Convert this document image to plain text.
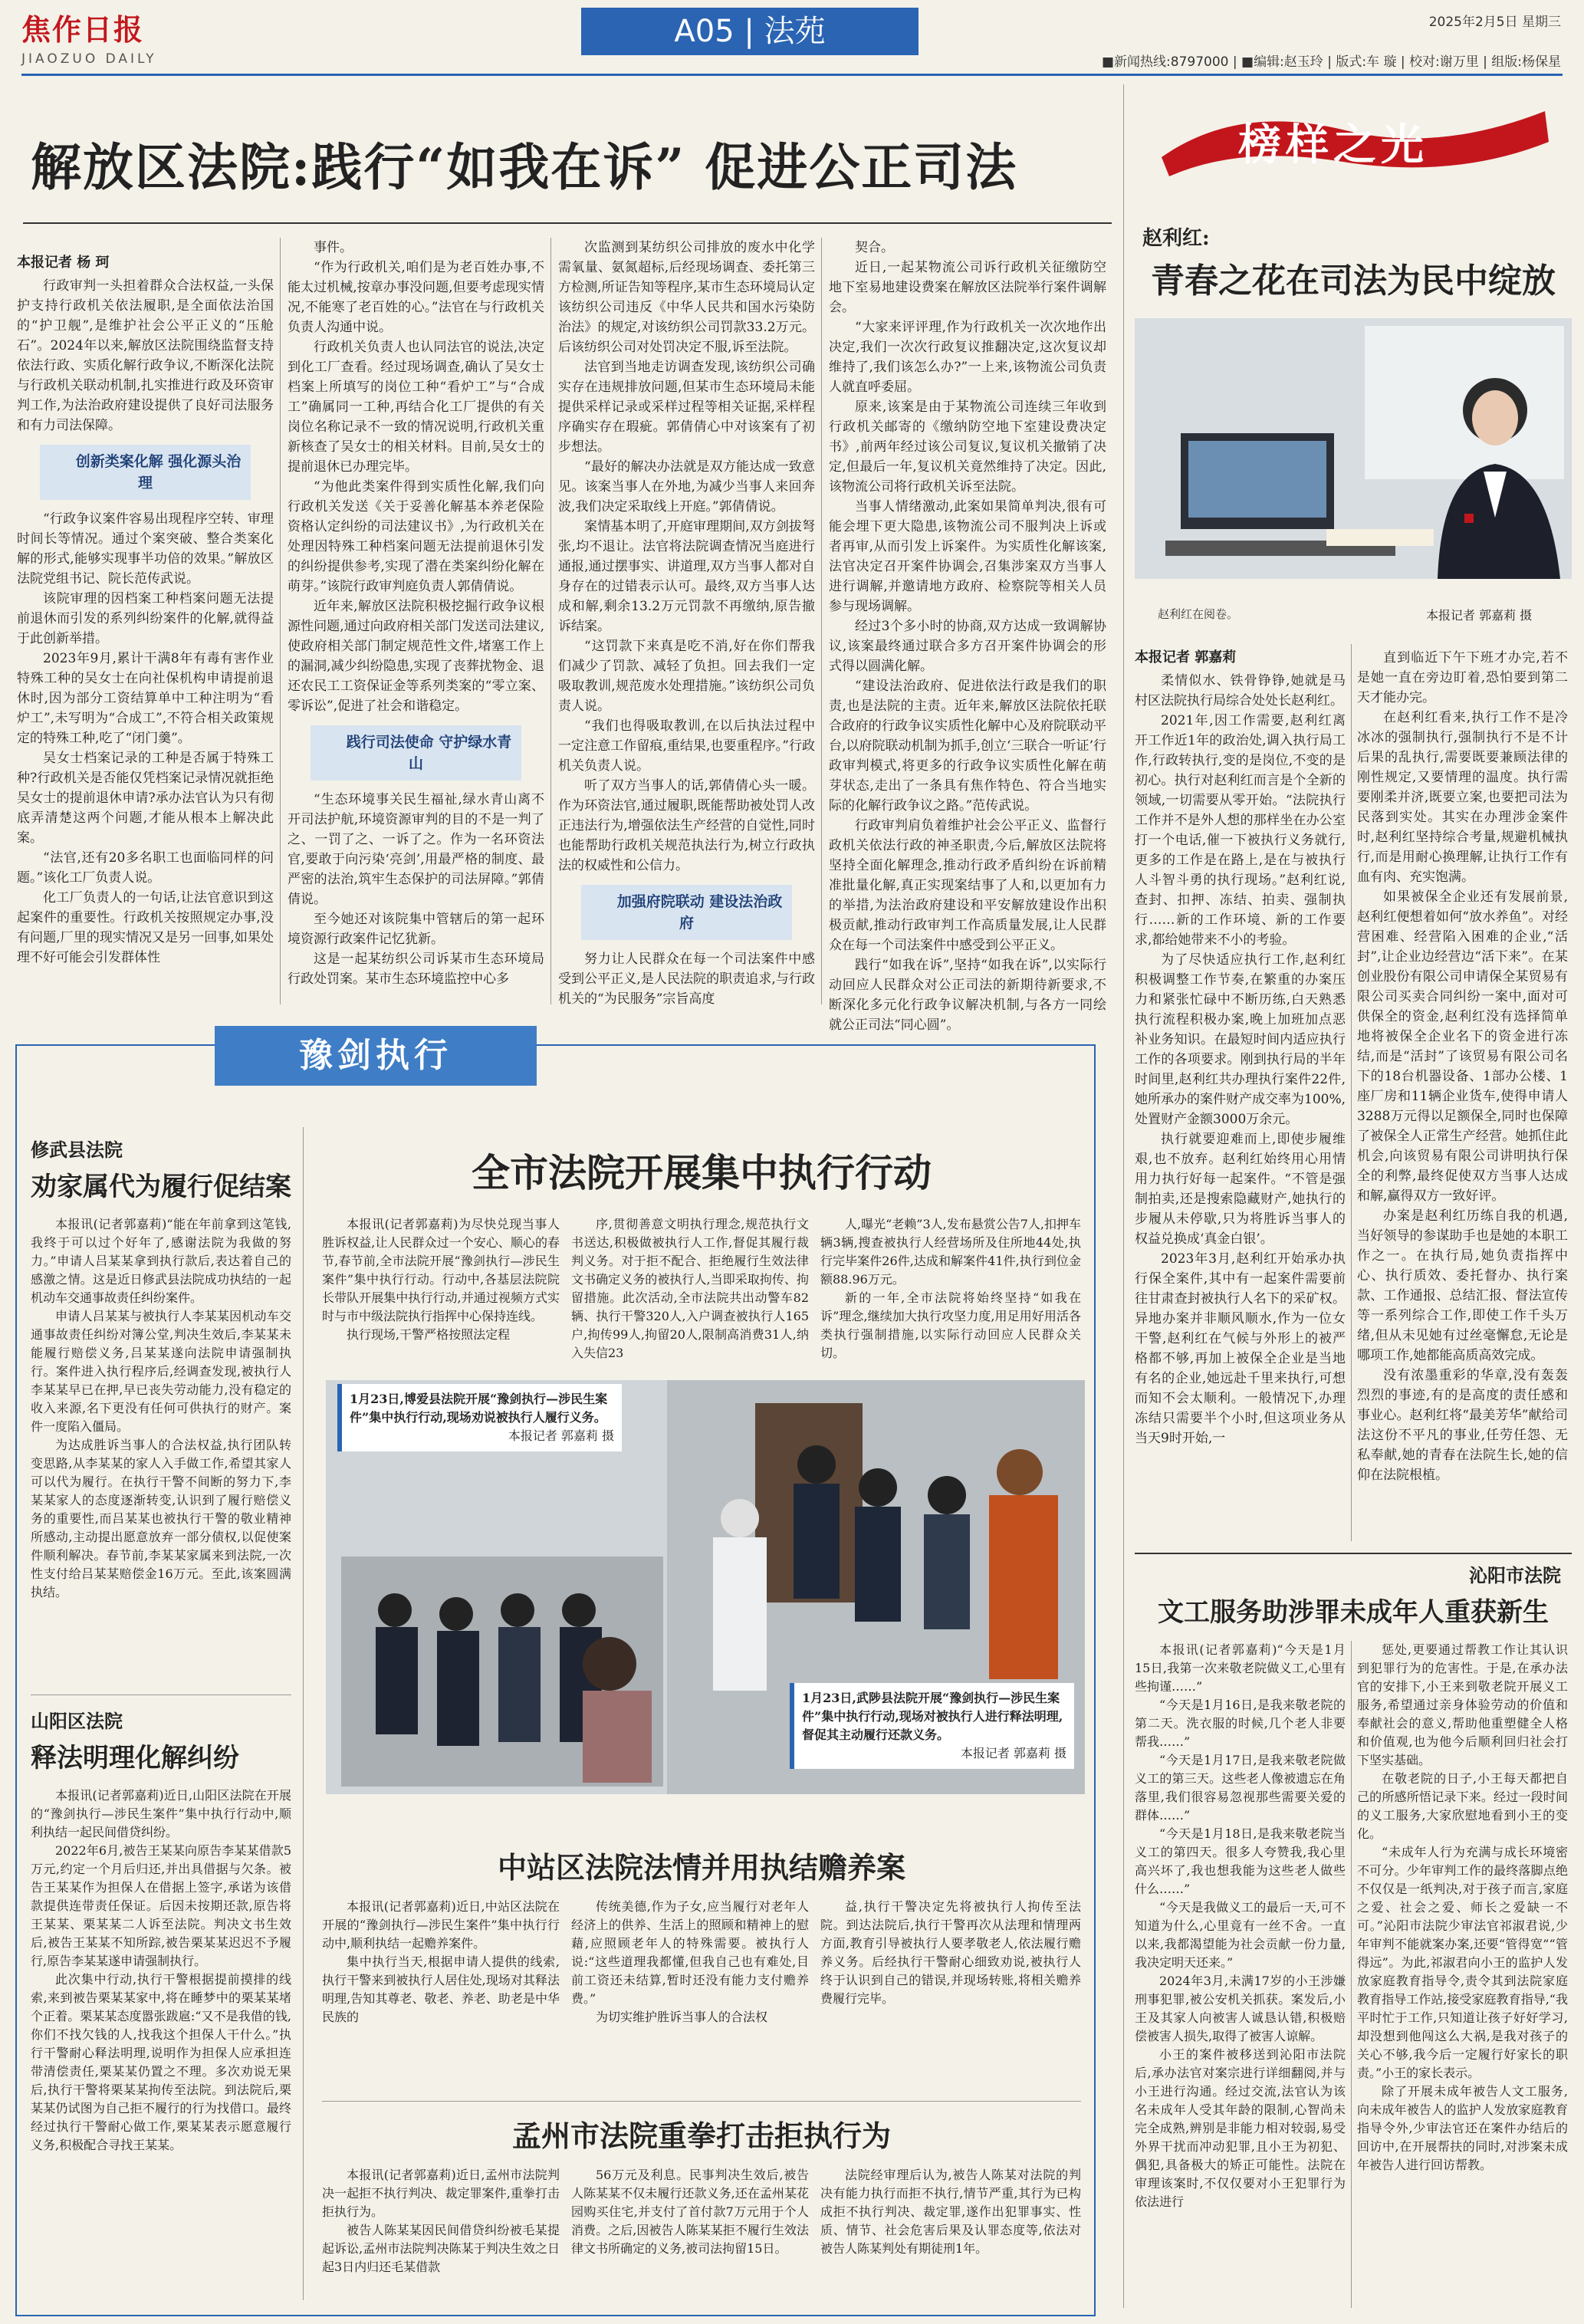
焦作日报
JIAOZUO DAILY
A05 | 法苑	2025年2月5日 星期三
■新闻热线:8797000 | ■编辑:赵玉玲 | 版式:车 璇 | 校对:谢万里 | 组版:杨保星
解放区法院:践行“如我在诉” 促进公正司法
本报记者 杨 珂

行政审判一头担着群众合法权益,一头保护支持行政机关依法履职,是全面依法治国的“护卫舰”,是维护社会公平正义的“压舱石”。2024年以来,解放区法院围绕监督支持依法行政、实质化解行政争议,不断深化法院与行政机关联动机制,扎实推进行政及环资审判工作,为法治政府建设提供了良好司法服务和有力司法保障。

创新类案化解 强化源头治理

“行政争议案件容易出现程序空转、审理时间长等情况。通过个案突破、整合类案化解的形式,能够实现事半功倍的效果。”解放区法院党组书记、院长范传武说。

该院审理的因档案工种档案问题无法提前退休而引发的系列纠纷案件的化解,就得益于此创新举措。

2023年9月,累计干满8年有毒有害作业特殊工种的吴女士在向社保机构申请提前退休时,因为部分工资结算单中工种注明为“看炉工”,未写明为“合成工”,不符合相关政策规定的特殊工种,吃了“闭门羹”。

吴女士档案记录的工种是否属于特殊工种?行政机关是否能仅凭档案记录情况就拒绝吴女士的提前退休申请?承办法官认为只有彻底弄清楚这两个问题,才能从根本上解决此案。

“法官,还有20多名职工也面临同样的问题。”该化工厂负责人说。

化工厂负责人的一句话,让法官意识到这起案件的重要性。行政机关按照规定办事,没有问题,厂里的现实情况又是另一回事,如果处理不好可能会引发群体性

事件。

“作为行政机关,咱们是为老百姓办事,不能太过机械,按章办事没问题,但要考虑现实情况,不能寒了老百姓的心。”法官在与行政机关负责人沟通中说。

行政机关负责人也认同法官的说法,决定到化工厂查看。经过现场调查,确认了吴女士档案上所填写的岗位工种“看炉工”与“合成工”确属同一工种,再结合化工厂提供的有关岗位名称记录不一致的情况说明,行政机关重新核查了吴女士的相关材料。目前,吴女士的提前退休已办理完毕。

“为他此类案件得到实质性化解,我们向行政机关发送《关于妥善化解基本养老保险资格认定纠纷的司法建议书》,为行政机关在处理因特殊工种档案问题无法提前退休引发的纠纷提供参考,实现了潜在类案纠纷化解在萌芽。”该院行政审判庭负责人郭倩倩说。

近年来,解放区法院积极挖掘行政争议根源性问题,通过向政府相关部门发送司法建议,使政府相关部门制定规范性文件,堵塞工作上的漏洞,减少纠纷隐患,实现了丧葬扰物金、退还农民工工资保证金等系列类案的“零立案、零诉讼”,促进了社会和谐稳定。

践行司法使命 守护绿水青山

“生态环境事关民生福祉,绿水青山离不开司法护航,环境资源审判的目的不是一判了之、一罚了之、一诉了之。作为一名环资法官,要敢于向污染‘亮剑’,用最严格的制度、最严密的法治,筑牢生态保护的司法屏障。”郭倩倩说。

至今她还对该院集中管辖后的第一起环境资源行政案件记忆犹新。

这是一起某纺织公司诉某市生态环境局行政处罚案。某市生态环境监控中心多

次监测到某纺织公司排放的废水中化学需氧量、氨氮超标,后经现场调查、委托第三方检测,所证告知等程序,某市生态环境局认定该纺织公司违反《中华人民共和国水污染防治法》的规定,对该纺织公司罚款33.2万元。后该纺织公司对处罚决定不服,诉至法院。

法官到当地走访调查发现,该纺织公司确实存在违规排放问题,但某市生态环境局未能提供采样记录或采样过程等相关证据,采样程序确实存在瑕疵。郭倩倩心中对该案有了初步想法。

“最好的解决办法就是双方能达成一致意见。该案当事人在外地,为减少当事人来回奔波,我们决定采取线上开庭。”郭倩倩说。

案情基本明了,开庭审理期间,双方剑拔弩张,均不退让。法官将法院调查情况当庭进行通报,通过摆事实、讲道理,双方当事人都对自身存在的过错表示认可。最终,双方当事人达成和解,剩余13.2万元罚款不再缴纳,原告撤诉结案。

“这罚款下来真是吃不消,好在你们帮我们减少了罚款、减轻了负担。回去我们一定吸取教训,规范废水处理措施。”该纺织公司负责人说。

“我们也得吸取教训,在以后执法过程中一定注意工作留痕,重结果,也要重程序。”行政机关负责人说。

听了双方当事人的话,郭倩倩心头一暖。作为环资法官,通过履职,既能帮助被处罚人改正违法行为,增强依法生产经营的自觉性,同时也能帮助行政机关规范执法行为,树立行政执法的权威性和公信力。

加强府院联动 建设法治政府

努力让人民群众在每一个司法案件中感受到公平正义,是人民法院的职责追求,与行政机关的“为民服务”宗旨高度

契合。

近日,一起某物流公司诉行政机关征缴防空地下室易地建设费案在解放区法院举行案件调解会。

“大家来评评理,作为行政机关一次次地作出决定,我们一次次行政复议推翻决定,这次复议却维持了,我们该怎么办?”一上来,该物流公司负责人就直呼委屈。

原来,该案是由于某物流公司连续三年收到行政机关邮寄的《缴纳防空地下室建设费决定书》,前两年经过该公司复议,复议机关撤销了决定,但最后一年,复议机关竟然维持了决定。因此,该物流公司将行政机关诉至法院。

当事人情绪激动,此案如果简单判决,很有可能会埋下更大隐患,该物流公司不服判决上诉或者再审,从而引发上诉案件。为实质性化解该案,法官决定召开案件协调会,召集涉案双方当事人进行调解,并邀请地方政府、检察院等相关人员参与现场调解。

经过3个多小时的协商,双方达成一致调解协议,该案最终通过联合多方召开案件协调会的形式得以圆满化解。

“建设法治政府、促进依法行政是我们的职责,也是法院的主责。近年来,解放区法院依托联合政府的行政争议实质性化解中心及府院联动平台,以府院联动机制为抓手,创立‘三联合一听证’行政审判模式,将更多的行政争议实质性化解在萌芽状态,走出了一条具有焦作特色、符合当地实际的化解行政争议之路。”范传武说。

行政审判肩负着维护社会公平正义、监督行政机关依法行政的神圣职责,今后,解放区法院将坚持全面化解理念,推动行政矛盾纠纷在诉前精准批量化解,真正实现案结事了人和,以更加有力的举措,为法治政府建设和平安解放建设作出积极贡献,推动行政审判工作高质量发展,让人民群众在每一个司法案件中感受到公平正义。

践行“如我在诉”,坚持“如我在诉”,以实际行动回应人民群众对公正司法的新期待新要求,不断深化多元化行政争议解决机制,与各方一同绘就公正司法“同心圆”。

榜样之光
赵利红:
青春之花在司法为民中绽放
赵利红在阅卷。	本报记者 郭嘉莉 摄
本报记者 郭嘉莉

柔情似水、铁骨铮铮,她就是马村区法院执行局综合处处长赵利红。

2021年,因工作需要,赵利红离开工作近1年的政治处,调入执行局工作,行政转执行,变的是岗位,不变的是初心。执行对赵利红而言是个全新的领域,一切需要从零开始。“法院执行工作并不是外人想的那样坐在办公室打一个电话,催一下被执行义务就行,更多的工作是在路上,是在与被执行人斗智斗勇的执行现场。”赵利红说,查封、扣押、冻结、拍卖、强制执行……新的工作环境、新的工作要求,都给她带来不小的考验。

为了尽快适应执行工作,赵利红积极调整工作节奏,在繁重的办案压力和紧张忙碌中不断历练,白天熟悉执行流程积极办案,晚上加班加点恶补业务知识。在最短时间内适应执行工作的各项要求。刚到执行局的半年时间里,赵利红共办理执行案件22件,她所承办的案件财产成交率为100%,处置财产金额3000万余元。

执行就要迎难而上,即使步履维艰,也不放弃。赵利红始终用心用情用力执行好每一起案件。“不管是强制拍卖,还是搜索隐藏财产,她执行的步履从未停歇,只为将胜诉当事人的权益兑换成‘真金白银’。

2023年3月,赵利红开始承办执行保全案件,其中有一起案件需要前往甘肃查封被执行人名下的采矿权。异地办案并非顺风顺水,作为一位女干警,赵利红在气候与外形上的被严格都不够,再加上被保全企业是当地有名的企业,她远赴千里来执行,可想而知不会太顺利。一般情况下,办理冻结只需要半个小时,但这项业务从当天9时开始,一

直到临近下午下班才办完,若不是她一直在旁边盯着,恐怕要到第二天才能办完。

在赵利红看来,执行工作不是冷冰冰的强制执行,强制执行不是不计后果的乱执行,需要既要兼顾法律的刚性规定,又要情理的温度。执行需要刚柔并济,既要立案,也要把司法为民落到实处。其实在办理涉金案件时,赵利红坚持综合考量,规避机械执行,而是用耐心换理解,让执行工作有血有肉、充实饱满。

如果被保全企业还有发展前景,赵利红便想着如何“放水养鱼”。对经营困难、经营陷入困难的企业,“活封”,让企业边经营边“活下来”。在某创业股份有限公司申请保全某贸易有限公司买卖合同纠纷一案中,面对可供保全的资金,赵利红没有选择简单地将被保全企业名下的资金进行冻结,而是“活封”了该贸易有限公司名下的18台机器设备、1部办公楼、1座厂房和11辆企业货车,使得申请人3288万元得以足额保全,同时也保障了被保全人正常生产经营。她抓住此机会,向该贸易有限公司讲明执行保全的利弊,最终促使双方当事人达成和解,赢得双方一致好评。

办案是赵利红历练自我的机遇,当好领导的参谋助手也是她的本职工作之一。在执行局,她负责指挥中心、执行质效、委托督办、执行案款、工作通报、总结汇报、督法宣传等一系列综合工作,即使工作千头万绪,但从未见她有过丝毫懈怠,无论是哪项工作,她都能高质高效完成。

没有浓墨重彩的华章,没有轰轰烈烈的事迹,有的是高度的责任感和事业心。赵利红将“最美芳华”献给司法这份不平凡的事业,任劳任怨、无私奉献,她的青春在法院生长,她的信仰在法院根植。

沁阳市法院
文工服务助涉罪未成年人重获新生

本报讯(记者郭嘉莉)“今天是1月15日,我第一次来敬老院做义工,心里有些拘谨……”

“今天是1月16日,是我来敬老院的第二天。洗衣服的时候,几个老人非要帮我……”

“今天是1月17日,是我来敬老院做义工的第三天。这些老人像被遗忘在角落里,我们很容易忽视那些需要关爱的群体……”

“今天是1月18日,是我来敬老院当义工的第四天。很多人夸赞我,我心里高兴坏了,我也想我能为这些老人做些什么……”

“今天是我做义工的最后一天,可不知道为什么,心里竟有一丝不舍。一直以来,我都渴望能为社会贡献一份力量,我决定明天还来。”

2024年3月,未满17岁的小王涉嫌刑事犯罪,被公安机关抓获。案发后,小王及其家人向被害人诚恳认错,积极赔偿被害人损失,取得了被害人谅解。

小王的案件被移送到沁阳市法院后,承办法官对案宗进行详细翻阅,并与小王进行沟通。经过交流,法官认为该名未成年人受其年龄的限制,心智尚未完全成熟,辨别是非能力相对较弱,易受外界干扰而冲动犯罪,且小王为初犯、偶犯,具备极大的矫正可能性。法院在审理该案时,不仅仅要对小王犯罪行为依法进行

惩处,更要通过帮教工作让其认识到犯罪行为的危害性。于是,在承办法官的安排下,小王来到敬老院开展义工服务,希望通过亲身体验劳动的价值和奉献社会的意义,帮助他重塑健全人格和价值观,也为他今后顺利回归社会打下坚实基础。

在敬老院的日子,小王每天都把自己的所感所悟记录下来。经过一段时间的义工服务,大家欣慰地看到小王的变化。

“未成年人行为充满与成长环境密不可分。少年审判工作的最终落脚点绝不仅仅是一纸判决,对于孩子而言,家庭之爱、社会之爱、师长之爱缺一不可。”沁阳市法院少审法官祁淑君说,少年审判不能就案办案,还要“管得宽”“管得远”。为此,祁淑君向小王的监护人发放家庭教育指导令,责令其到法院家庭教育指导工作站,接受家庭教育指导,“我平时忙于工作,只知道让孩子好好学习,却没想到他闯这么大祸,是我对孩子的关心不够,我今后一定履行好家长的职责。”小王的家长表示。

除了开展未成年被告人文工服务,向未成年被告人的监护人发放家庭教育指导令外,少审法官还在案件办结后的回访中,在开展帮扶的同时,对涉案未成年被告人进行回访帮教。

豫剑执行
修武县法院
劝家属代为履行促结案

本报讯(记者郭嘉莉)“能在年前拿到这笔钱,我终于可以过个好年了,感谢法院为我做的努力。”申请人吕某某拿到执行款后,表达着自己的感激之情。这是近日修武县法院成功执结的一起机动车交通事故责任纠纷案件。

申请人吕某某与被执行人李某某因机动车交通事故责任纠纷对簿公堂,判决生效后,李某某未能履行赔偿义务,吕某某遂向法院申请强制执行。案件进入执行程序后,经调查发现,被执行人李某某早已在押,早已丧失劳动能力,没有稳定的收入来源,名下更没有任何可供执行的财产。案件一度陷入僵局。

为达成胜诉当事人的合法权益,执行团队转变思路,从李某某的家人入手做工作,希望其家人可以代为履行。在执行干警不间断的努力下,李某某家人的态度逐渐转变,认识到了履行赔偿义务的重要性,而吕某某也被执行干警的敬业精神所感动,主动提出愿意放弃一部分债权,以促使案件顺利解决。春节前,李某某家属来到法院,一次性支付给吕某某赔偿金16万元。至此,该案圆满执结。

山阳区法院
释法明理化解纠纷

本报讯(记者郭嘉莉)近日,山阳区法院在开展的“豫剑执行—涉民生案件”集中执行行动中,顺利执结一起民间借贷纠纷。

2022年6月,被告王某某向原告李某某借款5万元,约定一个月后归还,并出具借据与欠条。被告王某某作为担保人在借据上签字,承诺为该借款提供连带责任保证。后因未按期还款,原告将王某某、栗某某二人诉至法院。判决文书生效后,被告王某某不知所踪,被告栗某某迟迟不予履行,原告李某某遂申请强制执行。

此次集中行动,执行干警根据提前摸排的线索,来到被告栗某某家中,将在睡梦中的栗某某堵个正着。栗某某态度嚣张跋扈:“又不是我借的钱,你们不找欠钱的人,找我这个担保人干什么。”执行干警耐心释法明理,说明作为担保人应承担连带清偿责任,栗某某仍置之不理。多次劝说无果后,执行干警将栗某某拘传至法院。到法院后,栗某某仍试图为自己拒不履行的行为找借口。最终经过执行干警耐心做工作,栗某某表示愿意履行义务,积极配合寻找王某某。

全市法院开展集中执行行动

本报讯(记者郭嘉莉)为尽快兑现当事人胜诉权益,让人民群众过一个安心、顺心的春节,春节前,全市法院开展“豫剑执行—涉民生案件”集中执行行动。行动中,各基层法院院长带队开展集中执行行动,并通过视频方式实时与市中级法院执行指挥中心保持连线。

执行现场,干警严格按照法定程

序,贯彻善意文明执行理念,规范执行文书送达,积极做被执行人工作,督促其履行裁判义务。对于拒不配合、拒绝履行生效法律文书确定义务的被执行人,当即采取拘传、拘留措施。此次活动,全市法院共出动警车82辆、执行干警320人,入户调查被执行人165户,拘传99人,拘留20人,限制高消费31人,纳入失信23

人,曝光“老赖”3人,发布悬赏公告7人,扣押车辆3辆,搜查被执行人经营场所及住所地44处,执行完毕案件26件,达成和解案件41件,执行到位金额88.96万元。

新的一年,全市法院将始终坚持“如我在诉”理念,继续加大执行攻坚力度,用足用好用活各类执行强制措施,以实际行动回应人民群众关切。

1月23日,博爱县法院开展“豫剑执行—涉民生案件”集中执行行动,现场劝说被执行人履行义务。
本报记者 郭嘉莉 摄
1月23日,武陟县法院开展“豫剑执行—涉民生案件”集中执行行动,现场对被执行人进行释法明理,督促其主动履行还款义务。
本报记者 郭嘉莉 摄
中站区法院法情并用执结赡养案

本报讯(记者郭嘉莉)近日,中站区法院在开展的“豫剑执行—涉民生案件”集中执行行动中,顺利执结一起赡养案件。

集中执行当天,根据申请人提供的线索,执行干警来到被执行人居住处,现场对其释法明理,告知其尊老、敬老、养老、助老是中华民族的

传统美德,作为子女,应当履行对老年人经济上的供养、生活上的照顾和精神上的慰藉,应照顾老年人的特殊需要。被执行人说:“这些道理我都懂,但我自己也有难处,目前工资还未结算,暂时还没有能力支付赡养费。”

为切实维护胜诉当事人的合法权

益,执行干警决定先将被执行人拘传至法院。到达法院后,执行干警再次从法理和情理两方面,教育引导被执行人要孝敬老人,依法履行赡养义务。后经执行干警耐心细致劝说,被执行人终于认识到自己的错误,并现场转账,将相关赡养费履行完毕。

孟州市法院重拳打击拒执行为

本报讯(记者郭嘉莉)近日,孟州市法院判决一起拒不执行判决、裁定罪案件,重拳打击拒执行为。

被告人陈某某因民间借贷纠纷被毛某提起诉讼,孟州市法院判决陈某于判决生效之日起3日内归还毛某借款

56万元及利息。民事判决生效后,被告人陈某某不仅未履行还款义务,还在孟州某花园购买住宅,并支付了首付款7万元用于个人消费。之后,因被告人陈某某拒不履行生效法律文书所确定的义务,被司法拘留15日。

法院经审理后认为,被告人陈某对法院的判决有能力执行而拒不执行,情节严重,其行为已构成拒不执行判决、裁定罪,遂作出犯罪事实、性质、情节、社会危害后果及认罪态度等,依法对被告人陈某判处有期徒刑1年。
